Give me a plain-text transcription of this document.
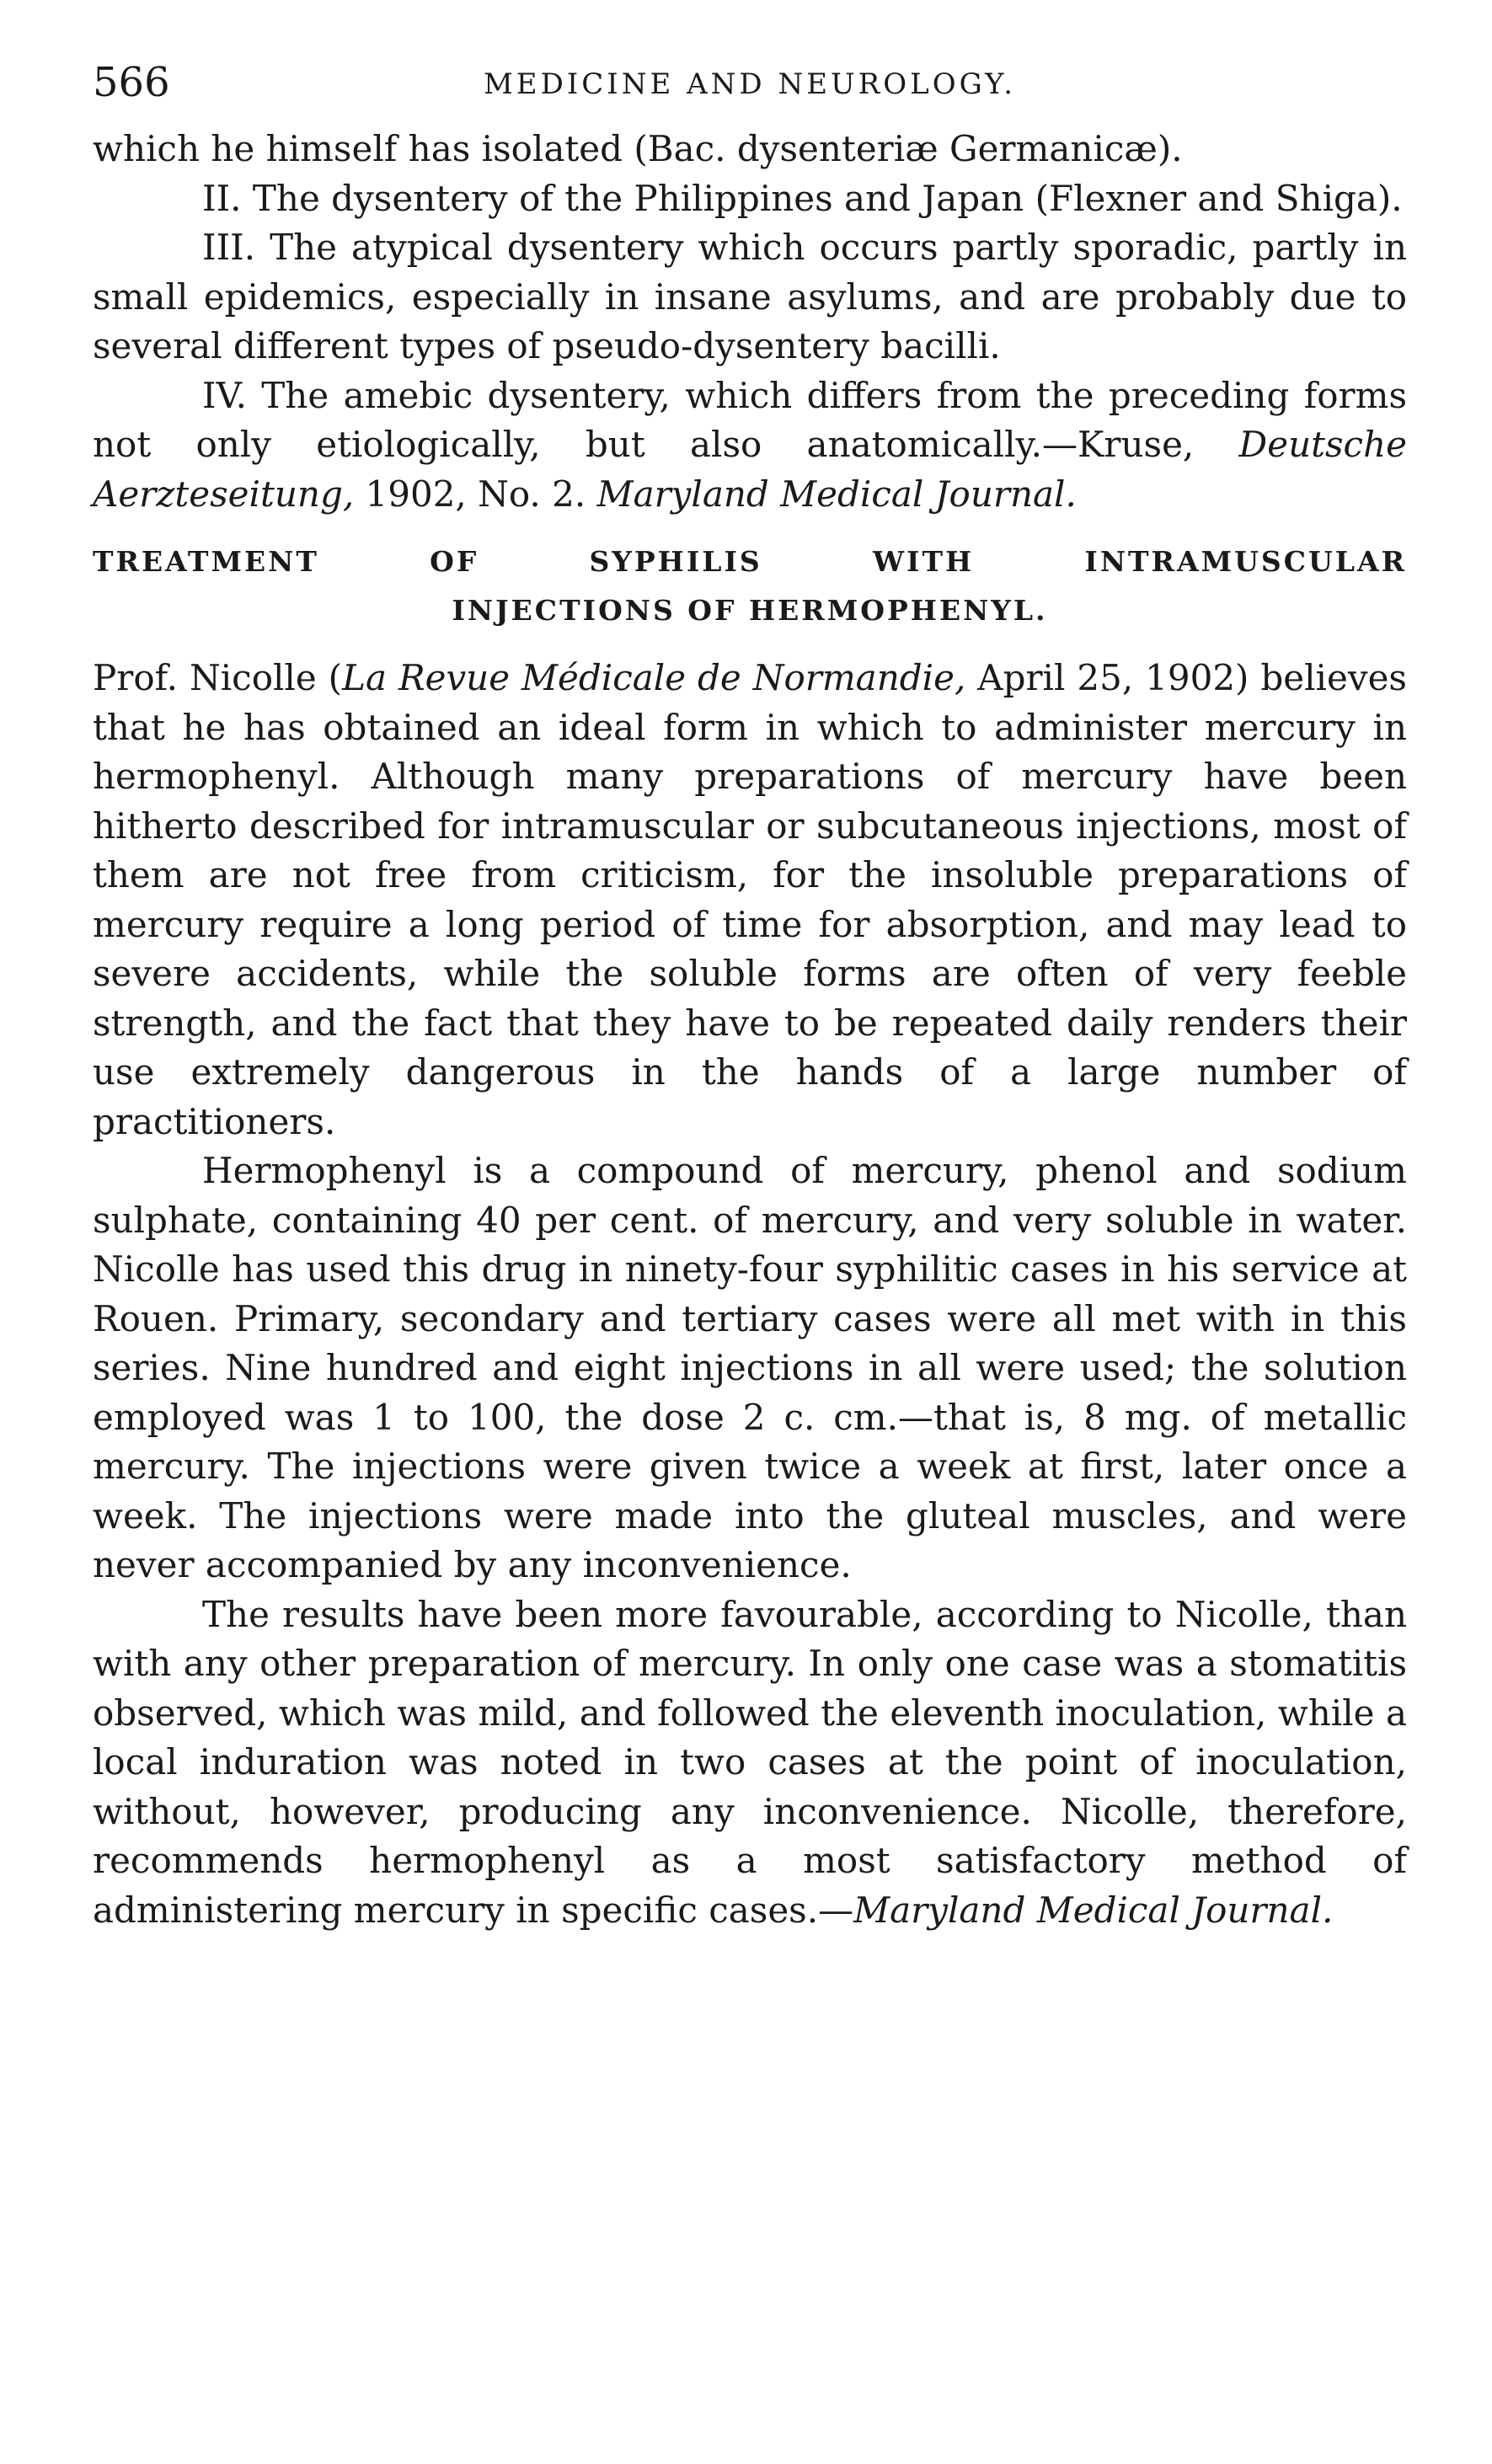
566	MEDICINE AND NEUROLOGY.

which he himself has isolated (Bac. dysenteriæ Germanicæ).

II. The dysentery of the Philippines and Japan (Flexner and Shiga).

III. The atypical dysentery which occurs partly sporadic, partly in small epidemics, especially in insane asylums, and are probably due to several different types of pseudo-dysentery bacilli.

IV. The amebic dysentery, which differs from the preceding forms not only etiologically, but also anatomically.—Kruse, Deutsche Aerzteseitung, 1902, No. 2. Maryland Medical Journal.

TREATMENT OF SYPHILIS WITH INTRAMUSCULAR
INJECTIONS OF HERMOPHENYL.

Prof. Nicolle (La Revue Médicale de Normandie, April 25, 1902) believes that he has obtained an ideal form in which to administer mercury in hermophenyl. Although many preparations of mercury have been hitherto described for intramuscular or subcutaneous injections, most of them are not free from criticism, for the insoluble preparations of mercury require a long period of time for absorption, and may lead to severe accidents, while the soluble forms are often of very feeble strength, and the fact that they have to be repeated daily renders their use extremely dangerous in the hands of a large number of practitioners.

Hermophenyl is a compound of mercury, phenol and sodium sulphate, containing 40 per cent. of mercury, and very soluble in water. Nicolle has used this drug in ninety-four syphilitic cases in his service at Rouen. Primary, secondary and tertiary cases were all met with in this series. Nine hundred and eight injections in all were used; the solution employed was 1 to 100, the dose 2 c. cm.—that is, 8 mg. of metallic mercury. The injections were given twice a week at first, later once a week. The injections were made into the gluteal muscles, and were never accompanied by any inconvenience.

The results have been more favourable, according to Nicolle, than with any other preparation of mercury. In only one case was a stomatitis observed, which was mild, and followed the eleventh inoculation, while a local induration was noted in two cases at the point of inoculation, without, however, producing any inconvenience. Nicolle, therefore, recommends hermophenyl as a most satisfactory method of administering mercury in specific cases.—Maryland Medical Journal.
